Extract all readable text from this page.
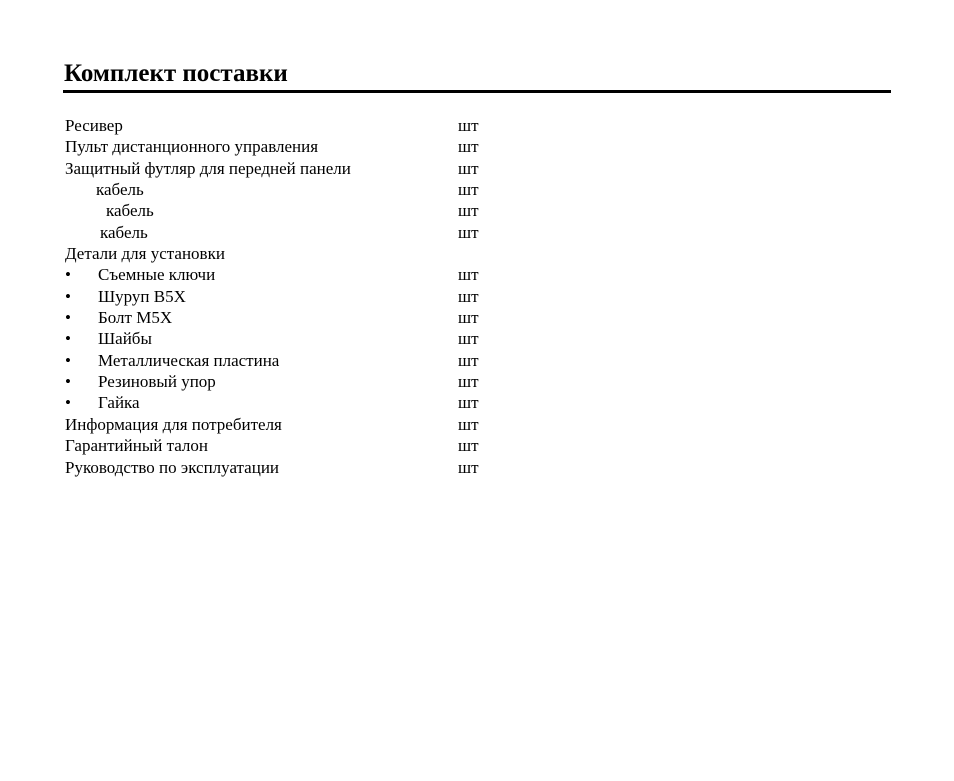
Комплект поставки
Ресивер	шт
Пульт дистанционного управления	шт
Защитный футляр для передней панели	шт
кабель	шт
кабель	шт
кабель	шт
Детали для установки
• Съемные ключи	шт
• Шуруп B5X	шт
• Болт M5X	шт
• Шайбы	шт
• Металлическая пластина	шт
• Резиновый упор	шт
• Гайка	шт
Информация для потребителя	шт
Гарантийный талон	шт
Руководство по эксплуатации	шт
